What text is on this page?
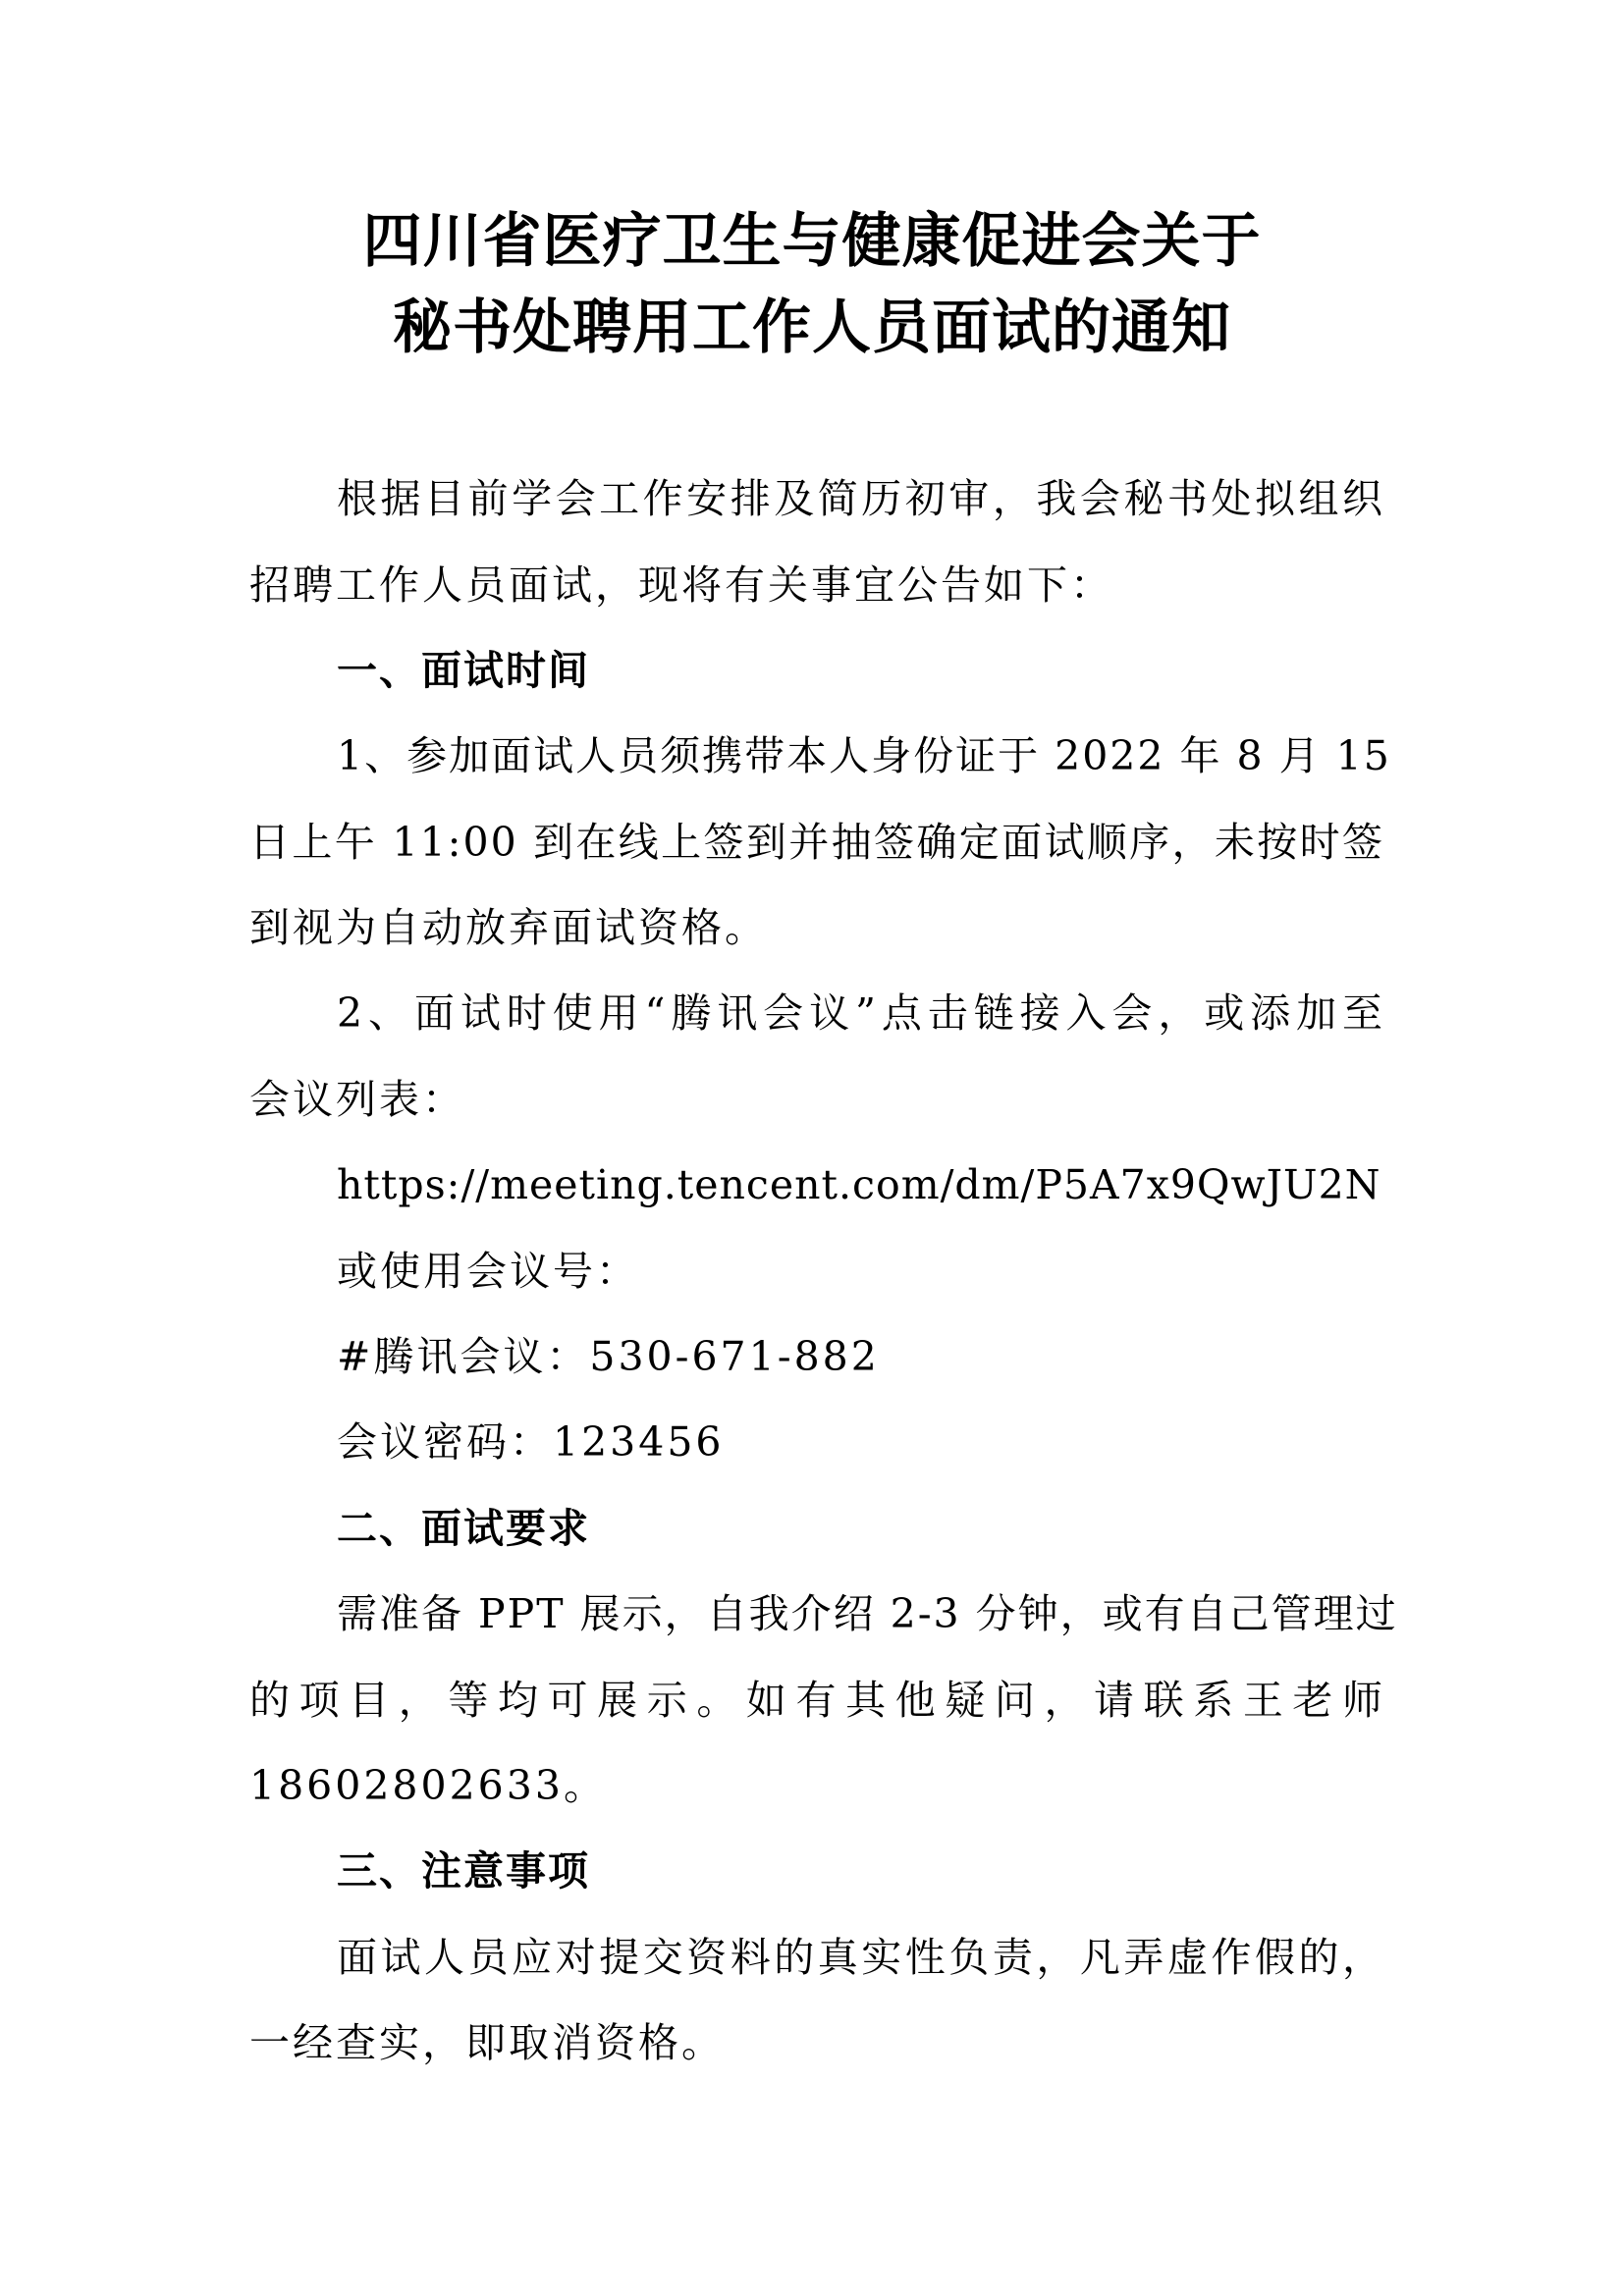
四川省医疗卫生与健康促进会关于
秘书处聘用工作人员面试的通知
根据目前学会工作安排及简历初审，我会秘书处拟组织
招聘工作人员面试，现将有关事宜公告如下：
一、面试时间
1、参加面试人员须携带本人身份证于 2022 年 8 月 15
日上午 11:00 到在线上签到并抽签确定面试顺序，未按时签
到视为自动放弃面试资格。
2、面试时使用“腾讯会议”点击链接入会，或添加至
会议列表：
https://meeting.tencent.com/dm/P5A7x9QwJU2N
或使用会议号：
#腾讯会议：530-671-882
会议密码：123456
二、面试要求
需准备 PPT 展示，自我介绍 2-3 分钟，或有自己管理过
的项目，等均可展示。如有其他疑问，请联系王老师
18602802633。
三、注意事项
面试人员应对提交资料的真实性负责，凡弄虚作假的，
一经查实，即取消资格。
